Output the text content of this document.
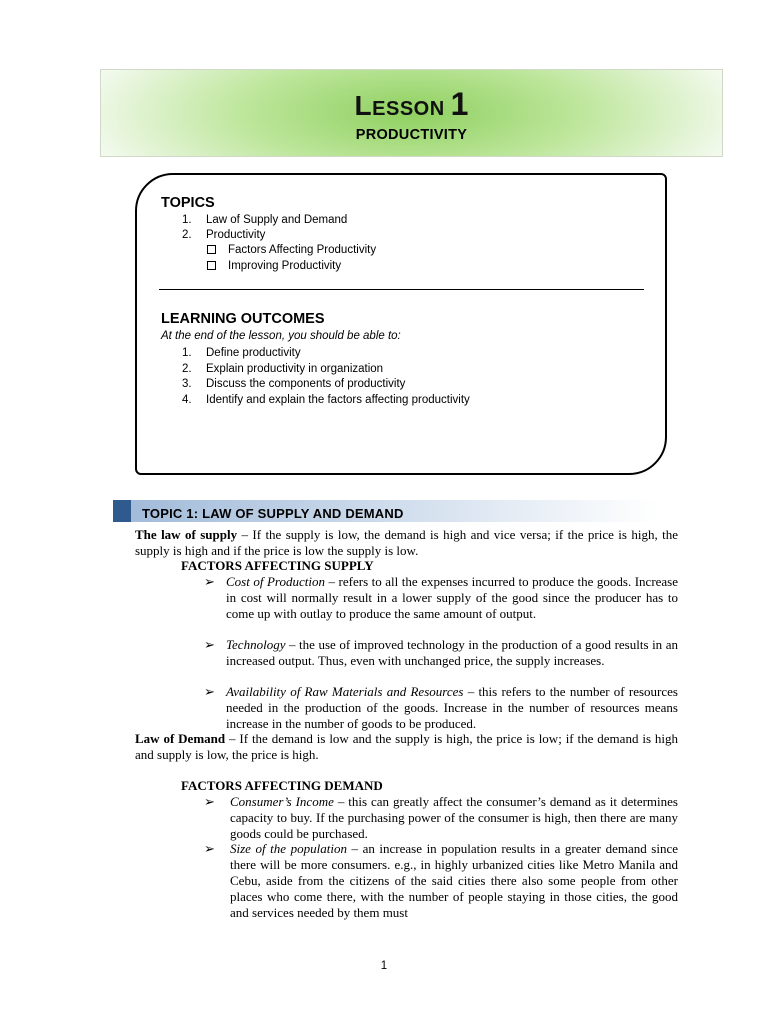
Lesson 1
PRODUCTIVITY
TOPICS
1. Law of Supply and Demand
2. Productivity
Factors Affecting Productivity
Improving Productivity
LEARNING OUTCOMES
At the end of the lesson, you should be able to:
1. Define productivity
2. Explain productivity in organization
3. Discuss the components of productivity
4. Identify and explain the factors affecting productivity
TOPIC 1: LAW OF SUPPLY AND DEMAND
The law of supply – If the supply is low, the demand is high and vice versa; if the price is high, the supply is high and if the price is low the supply is low.
FACTORS AFFECTING SUPPLY
➢ Cost of Production – refers to all the expenses incurred to produce the goods. Increase in cost will normally result in a lower supply of the good since the producer has to come up with outlay to produce the same amount of output.
➢ Technology – the use of improved technology in the production of a good results in an increased output. Thus, even with unchanged price, the supply increases.
➢ Availability of Raw Materials and Resources – this refers to the number of resources needed in the production of the goods. Increase in the number of resources means increase in the number of goods to be produced.
Law of Demand – If the demand is low and the supply is high, the price is low; if the demand is high and supply is low, the price is high.
FACTORS AFFECTING DEMAND
➢	Consumer’s Income – this can greatly affect the consumer’s demand as it determines capacity to buy. If the purchasing power of the consumer is high, then there are many goods could be purchased.
➢	Size of the population – an increase in population results in a greater demand since there will be more consumers. e.g., in highly urbanized cities like Metro Manila and Cebu, aside from the citizens of the said cities there also some people from other places who come there, with the number of people staying in those cities, the good and services needed by them must
1
